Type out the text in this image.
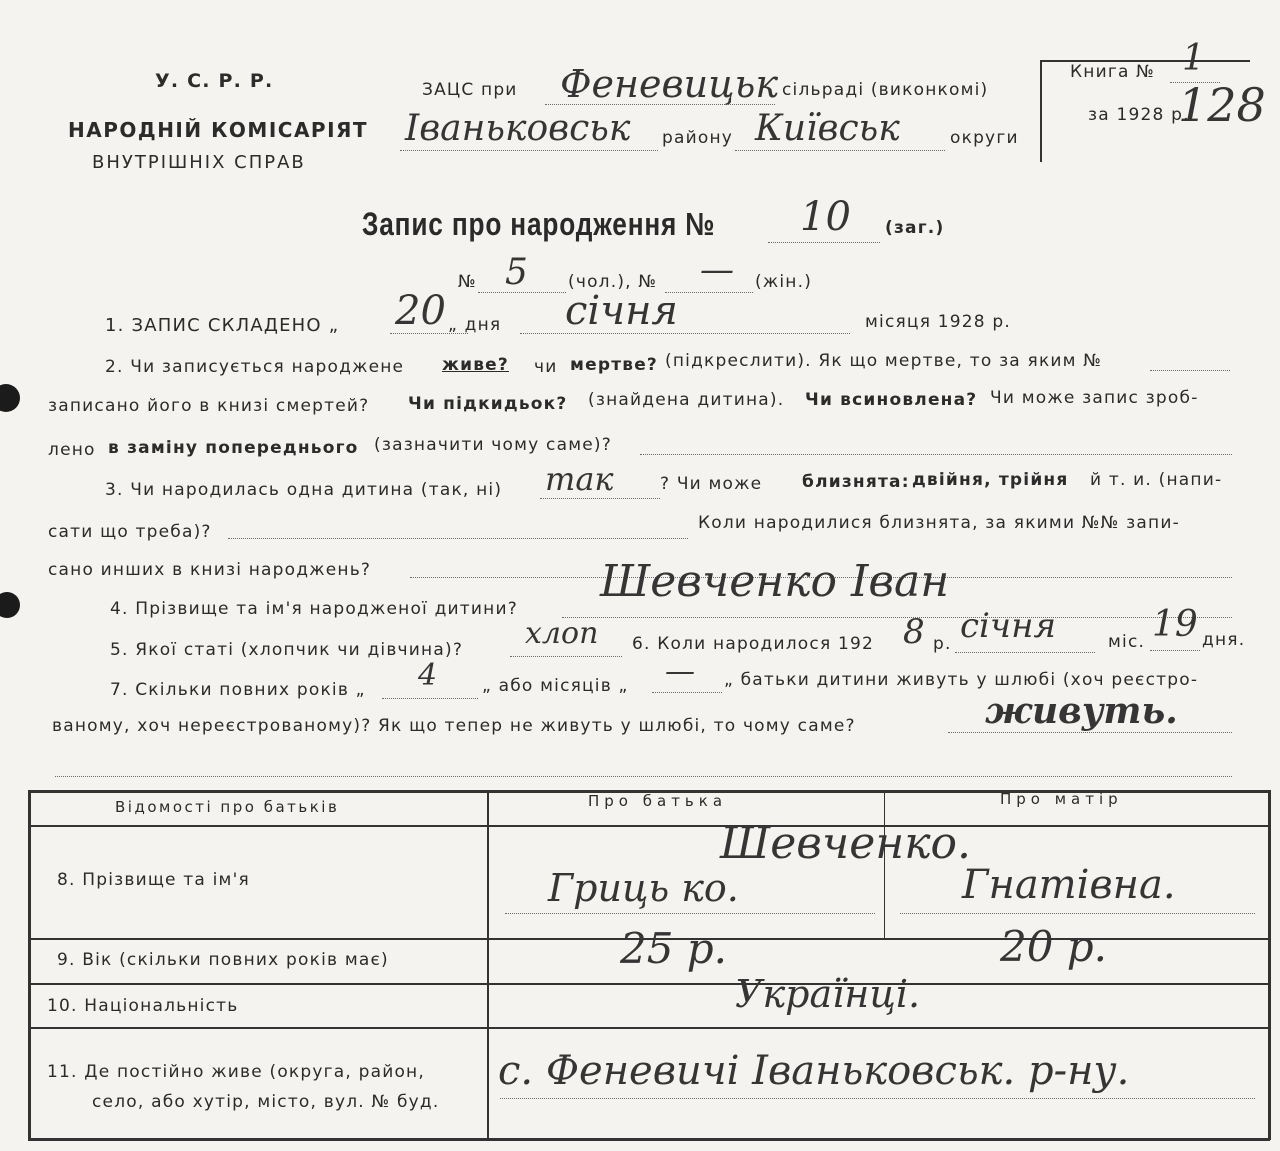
У. С. Р. Р.
НАРОДНІЙ КОМІСАРІЯТ
ВНУТРІШНІХ СПРАВ
ЗАЦС при Феневицьк сільраді (виконкомі)
Іваньковськ району Київськ	округи
Книга № 1
за 1928 р.
128
Запис про народження № 10 (заг.)
№ 5 (чол.), № — (жін.)
1. ЗАПИС СКЛАДЕНО „ 20 „ дня січня	місяця 1928 р.
2. Чи записується народжене живе? чи мертве? (підкреслити). Як що мертве, то за яким №
записано його в книзі смертей? Чи підкидьок? (знайдена дитина). Чи всиновлена? Чи може запис зроб-
лено в заміну попереднього (зазначити чому саме)?
3. Чи народилась одна дитина (так, ні) так	? Чи може близнята: двійня, трійня й т. и. (напи-
сати що треба)?	Коли народилися близнята, за якими №№ запи-
сано инших в книзі народжень?
4. Прізвище та ім'я народженої дитини?
Шевченко Іван
5. Якої статі (хлопчик чи дівчина)? хлоп 6. Коли народилося 192 8 р. січня	міс. 19 дня.
7. Скільки повних років „ 4	„ або місяців „ — „ батьки дитини живуть у шлюбі (хоч реєстро-
ваному, хоч нереєстрованому)? Як що тепер не живуть у шлюбі, то чому саме?	живуть.
Відомості про батьків	Про батька	Про матір
8. Прізвище та ім'я
Шевченко.
Гриць ко.	Гнатівна.
9. Вік (скільки повних років має)	25 р.	20 р.
10. Національність	Українці.
11. Де постійно живе (округа, район,
село, або хутір, місто, вул. № буд.
с. Феневичі Іваньковськ. р-ну.
